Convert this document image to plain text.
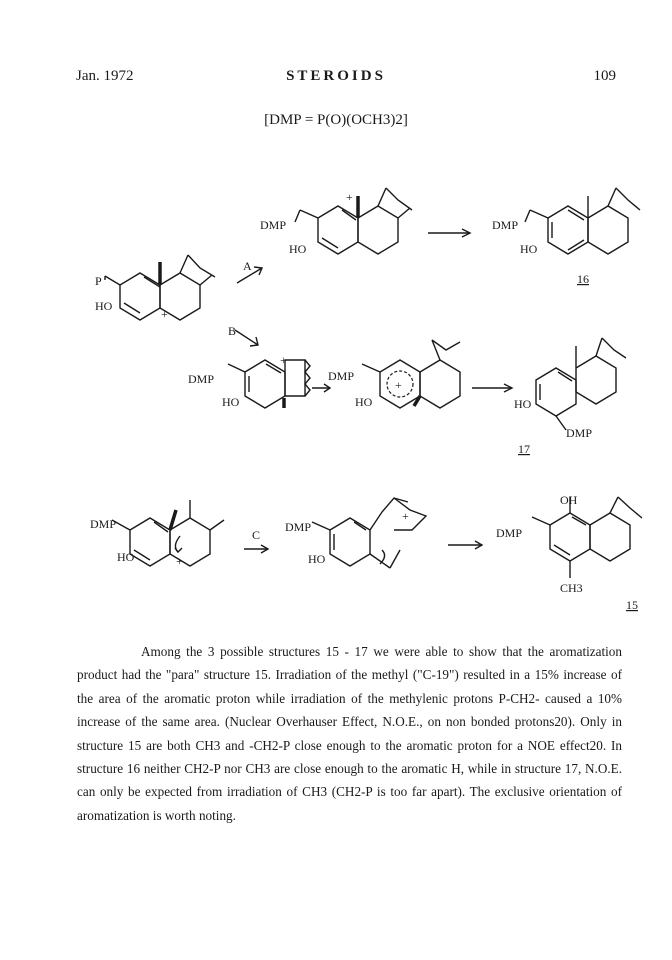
Jan. 1972	STEROIDS	109
[DMP = P(O)(OCH3)2]
P
HO
+
A
B
DMP
HO
+
DMP
HO
16
DMP
HO
+
DMP
HO
+
DMP
HO
17
DMP
HO	+
C
DMP
HO
+
OH
DMP
CH3
15

Among the 3 possible structures 15 - 17 we were able to show that the aromatization product had the "para" structure 15. Irradiation of the methyl ("C-19") resulted in a 15% increase of the area of the aromatic proton while irradiation of the methylenic protons P-CH2- caused a 10% increase of the same area. (Nuclear Overhauser Effect, N.O.E., on non bonded protons20). Only in structure 15 are both CH3 and -CH2-P close enough to the aromatic proton for a NOE effect20. In structure 16 neither CH2-P nor CH3 are close enough to the aromatic H, while in structure 17, N.O.E. can only be expected from irradiation of CH3 (CH2-P is too far apart). The exclusive orientation of aromatization is worth noting.
